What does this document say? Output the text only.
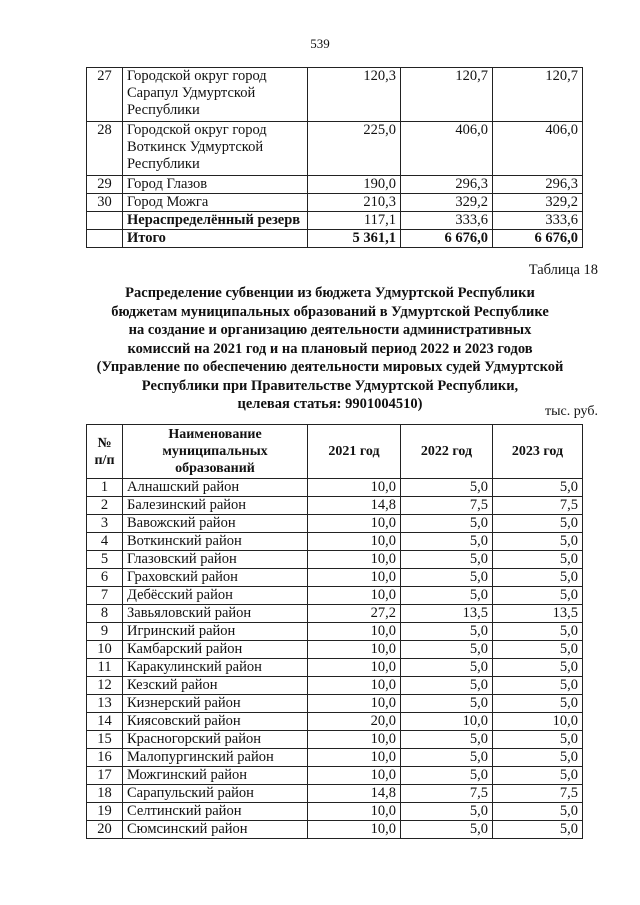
539
27	Городской округ город Сарапул Удмуртской Республики	120,3	120,7	120,7
28	Городской округ город Воткинск Удмуртской Республики	225,0	406,0	406,0
29	Город Глазов	190,0	296,3	296,3
30	Город Можга	210,3	329,2	329,2
	Нераспределённый резерв	117,1	333,6	333,6
	Итого	5 361,1	6 676,0	6 676,0
Таблица 18
Распределение субвенции из бюджета Удмуртской Республики
бюджетам муниципальных образований в Удмуртской Республике
на создание и организацию деятельности административных
комиссий на 2021 год и на плановый период 2022 и 2023 годов
(Управление по обеспечению деятельности мировых судей Удмуртской
Республики при Правительстве Удмуртской Республики,
целевая статья: 9901004510)	тыс. руб.
№ п/п	Наименование муниципальных образований	2021 год	2022 год	2023 год
1	Алнашский район	10,0	5,0	5,0
2	Балезинский район	14,8	7,5	7,5
3	Вавожский район	10,0	5,0	5,0
4	Воткинский район	10,0	5,0	5,0
5	Глазовский район	10,0	5,0	5,0
6	Граховский район	10,0	5,0	5,0
7	Дебёсский район	10,0	5,0	5,0
8	Завьяловский район	27,2	13,5	13,5
9	Игринский район	10,0	5,0	5,0
10	Камбарский район	10,0	5,0	5,0
11	Каракулинский район	10,0	5,0	5,0
12	Кезский район	10,0	5,0	5,0
13	Кизнерский район	10,0	5,0	5,0
14	Киясовский район	20,0	10,0	10,0
15	Красногорский район	10,0	5,0	5,0
16	Малопургинский район	10,0	5,0	5,0
17	Можгинский район	10,0	5,0	5,0
18	Сарапульский район	14,8	7,5	7,5
19	Селтинский район	10,0	5,0	5,0
20	Сюмсинский район	10,0	5,0	5,0
